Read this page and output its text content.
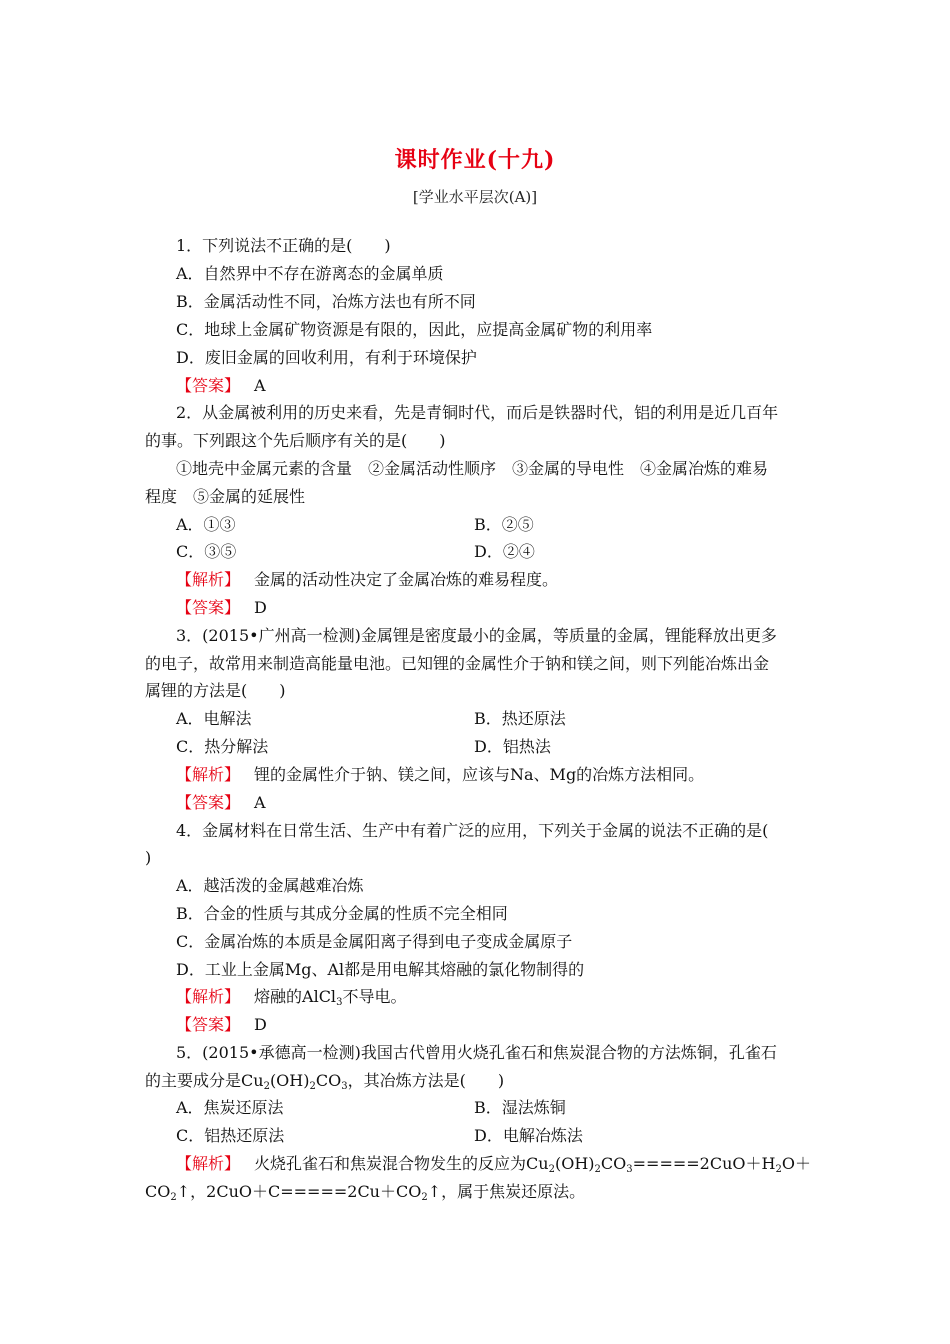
课时作业(十九)
[学业水平层次(A)]
1．下列说法不正确的是(　　)
A．自然界中不存在游离态的金属单质
B．金属活动性不同，冶炼方法也有所不同
C．地球上金属矿物资源是有限的，因此，应提高金属矿物的利用率
D．废旧金属的回收利用，有利于环境保护
【答案】 A
2．从金属被利用的历史来看，先是青铜时代，而后是铁器时代，铝的利用是近几百年
的事。下列跟这个先后顺序有关的是(　　)
①地壳中金属元素的含量　②金属活动性顺序　③金属的导电性　④金属冶炼的难易
程度　⑤金属的延展性
A．①③	B．②⑤
C．③⑤	D．②④
【解析】 金属的活动性决定了金属冶炼的难易程度。
【答案】 D
3．(2015•广州高一检测)金属锂是密度最小的金属，等质量的金属，锂能释放出更多
的电子，故常用来制造高能量电池。已知锂的金属性介于钠和镁之间，则下列能冶炼出金
属锂的方法是(　　)
A．电解法	B．热还原法
C．热分解法	D．铝热法
【解析】 锂的金属性介于钠、镁之间，应该与Na、Mg的冶炼方法相同。
【答案】 A
4．金属材料在日常生活、生产中有着广泛的应用，下列关于金属的说法不正确的是(
)
A．越活泼的金属越难冶炼
B．合金的性质与其成分金属的性质不完全相同
C．金属冶炼的本质是金属阳离子得到电子变成金属原子
D．工业上金属Mg、Al都是用电解其熔融的氯化物制得的
【解析】 熔融的AlCl$_3$不导电。
【答案】 D
5．(2015•承德高一检测)我国古代曾用火烧孔雀石和焦炭混合物的方法炼铜，孔雀石
的主要成分是$Cu_2(OH)_2CO_3$，其冶炼方法是(　　)
A．焦炭还原法	B．湿法炼铜
C．铝热还原法	D．电解冶炼法
【解析】 火烧孔雀石和焦炭混合物发生的反应为$Cu_2(OH)_2CO_3=====2CuO+H_2O+$
$CO_2↑$，$2CuO+C=====2Cu+CO_2↑$，属于焦炭还原法。
